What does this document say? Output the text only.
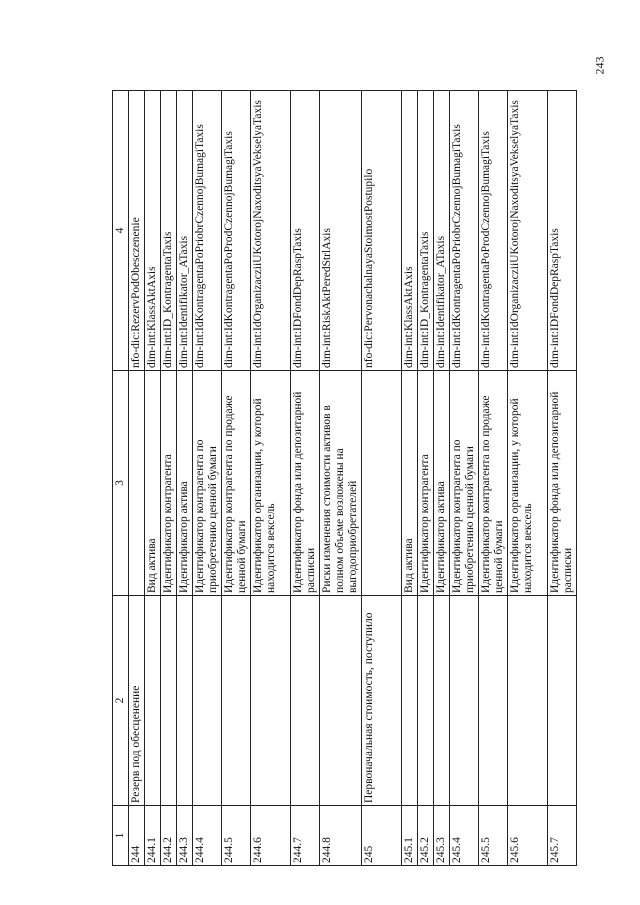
243
1	2	3	4
244	Резерв под обесценение		nfo-dic:RezervPodObesczenenie
244.1		Вид актива	dim-int:KlassAktAxis
244.2		Идентификатор контрагента	dim-int:ID_KontragentaTaxis
244.3		Идентификатор актива	dim-int:Identifikator_ATaxis
244.4		Идентификатор контрагента по приобретению ценной бумаги	dim-int:IdKontragentaPoPriobrCzennojBumagiTaxis
244.5		Идентификатор контрагента по продаже ценной бумаги	dim-int:IdKontragentaPoProdCzennojBumagiTaxis
244.6		Идентификатор организации, у которой находится вексель	dim-int:IdOrganizacziiUKotorojNaxoditsyaVekselyaTaxis
244.7		Идентификатор фонда или депозитарной расписки	dim-int:IDFondDepRaspTaxis
244.8		Риски изменения стоимости активов в полном объеме возложены на выгодоприобретателей	dim-int:RiskAktPeredStrlAxis
245	Первоначальная стоимость, поступило		nfo-dic:PervonachalnayaStoimostPostupilo
245.1		Вид актива	dim-int:KlassAktAxis
245.2		Идентификатор контрагента	dim-int:ID_KontragentaTaxis
245.3		Идентификатор актива	dim-int:Identifikator_ATaxis
245.4		Идентификатор контрагента по приобретению ценной бумаги	dim-int:IdKontragentaPoPriobrCzennojBumagiTaxis
245.5		Идентификатор контрагента по продаже ценной бумаги	dim-int:IdKontragentaPoProdCzennojBumagiTaxis
245.6		Идентификатор организации, у которой находится вексель	dim-int:IdOrganizacziiUKotorojNaxoditsyaVekselyaTaxis
245.7		Идентификатор фонда или депозитарной расписки	dim-int:IDFondDepRaspTaxis
